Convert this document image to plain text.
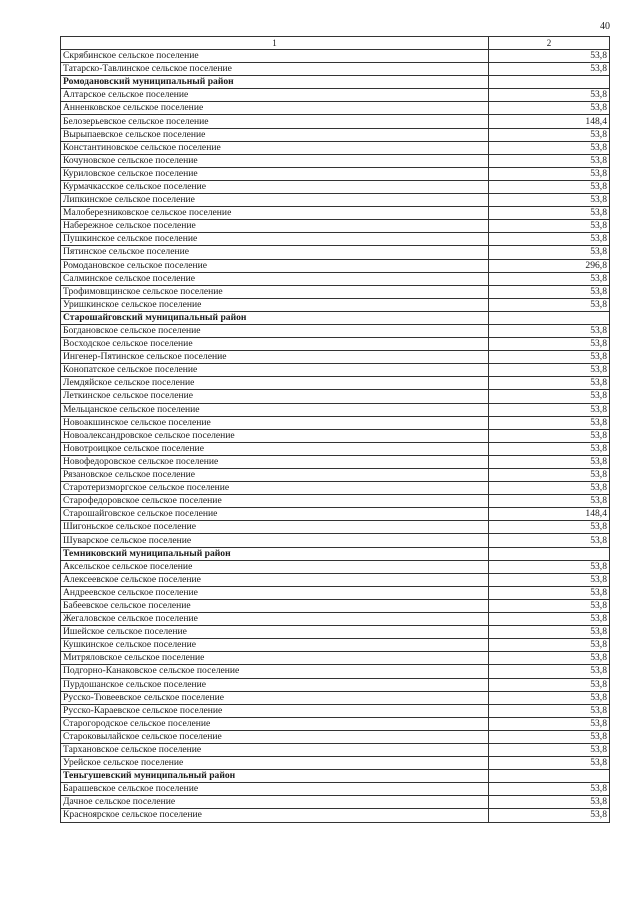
40
1	2
Скрябинское сельское поселение	53,8
Татарско-Тавлинское сельское поселение	53,8
Ромодановский муниципальный район	
Алтарское сельское поселение	53,8
Анненковское сельское поселение	53,8
Белозерьевское сельское поселение	148,4
Вырыпаевское сельское поселение	53,8
Константиновское сельское поселение	53,8
Кочуновское сельское поселение	53,8
Куриловское сельское поселение	53,8
Курмачкасское сельское поселение	53,8
Липкинское сельское поселение	53,8
Малоберезниковское сельское поселение	53,8
Набережное сельское поселение	53,8
Пушкинское сельское поселение	53,8
Пятинское сельское поселение	53,8
Ромодановское сельское поселение	296,8
Салминское сельское поселение	53,8
Трофимовщинское сельское поселение	53,8
Уришкинское сельское поселение	53,8
Старошайговский муниципальный район	
Богдановское сельское поселение	53,8
Восходское сельское поселение	53,8
Ингенер-Пятинское сельское поселение	53,8
Конопатское сельское поселение	53,8
Лемдяйское сельское поселение	53,8
Леткинское сельское поселение	53,8
Мельцанское сельское поселение	53,8
Новоакшинское сельское поселение	53,8
Новоалександровское сельское поселение	53,8
Новотроицкое сельское поселение	53,8
Новофедоровское сельское поселение	53,8
Рязановское сельское поселение	53,8
Старотеризморгское сельское поселение	53,8
Старофедоровское сельское поселение	53,8
Старошайговское сельское поселение	148,4
Шигоньское сельское поселение	53,8
Шуварское сельское поселение	53,8
Темниковский муниципальный район	
Аксельское сельское поселение	53,8
Алексеевское сельское поселение	53,8
Андреевское сельское поселение	53,8
Бабеевское сельское поселение	53,8
Жегаловское сельское поселение	53,8
Ишейское сельское поселение	53,8
Кушкинское сельское поселение	53,8
Митряловское сельское поселение	53,8
Подгорно-Канаковское сельское поселение	53,8
Пурдошанское сельское поселение	53,8
Русско-Тювеевское сельское поселение	53,8
Русско-Караевское сельское поселение	53,8
Старогородское сельское поселение	53,8
Староковылайское сельское поселение	53,8
Тархановское сельское поселение	53,8
Урейское сельское поселение	53,8
Теньгушевский муниципальный район	
Барашевское сельское поселение	53,8
Дачное сельское поселение	53,8
Красноярское сельское поселение	53,8
